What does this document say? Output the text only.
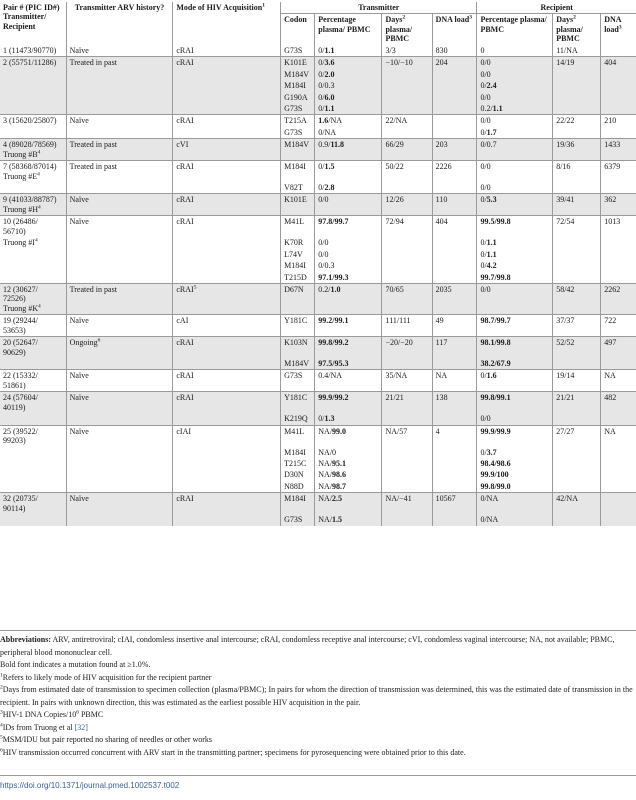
Pair # (PIC ID#) Transmitter/ Recipient	Transmitter ARV history?	Mode of HIV Acquisition$^1$	Transmitter				Recipient		
			Codon	Percentage plasma/ PBMC	Days$^2$ plasma/ PBMC	DNA load$^3$	Percentage plasma/ PBMC	Days$^2$ plasma/ PBMC	DNA load$^3$
1 (11473/90770)	Naïve	cRAI	G73S	0/1.1	3/3	830	0	11/NA	
2 (55751/11286)	Treated in past	cRAI	K101E	0/3.6	−10/−10	204	0/0	14/19	404
			M184V	0/2.0			0/0		
			M184I	0/0.3			0/2.4		
			G190A	0/6.0			0/0		
			G73S	0/1.1			0.2/1.1		
3 (15620/25807)	Naïve	cRAI	T215A	1.6/NA	22/NA		0/0	22/22	210
			G73S	0/NA			0/1.7		
4 (89028/78569)
Truong $\#B^4$	Treated in past	cVI	M184V	0.9/11.8	66/29	203	0/0.7	19/36	1433
7 (58368/87014)
Truong $\#E^4$	Treated in past	cRAI	M184I	0/1.5	50/22	2226	0/0	8/16	6379
			V82T	0/2.8			0/0		
9 (41033/88787)
Truong $\#H^4$	Naïve	cRAI	K101E	0/0	12/26	110	0/5.3	39/41	362
10 (26486/
56710)	Naïve	cRAI	M41L	97.8/99.7	72/94	404	99.5/99.8	72/54	1013
Truong $\#I^4$			K70R	0/0			0/1.1		
			L74V	0/0			0/1.1		
			M184I	0/0.3			0/4.2		
			T215D	97.1/99.3			99.7/99.8		
12 (30627/
72526)
Truong $\#K^4$	Treated in past	cRAI$^5$	D67N	0.2/1.0	70/65	2035	0/0	58/42	2262
19 (29244/
53653)	Naïve	cAI	Y181C	99.2/99.1	111/111	49	98.7/99.7	37/37	722
20 (52647/
90629)	Ongoing$^6$	cRAI	K103N	99.8/99.2	−20/−20	117	98.1/99.8	52/52	497
			M184V	97.5/95.3			38.2/67.9		
22 (15332/
51861)	Naïve	cRAI	G73S	0.4/NA	35/NA	NA	0/1.6	19/14	NA
24 (57604/
40119)	Naïve	cRAI	Y181C	99.9/99.2	21/21	138	99.8/99.1	21/21	482
			K219Q	0/1.3			0/0		
25 (39522/
99203)	Naïve	cIAI	M41L	NA/99.0	NA/57	4	99.9/99.9	27/27	NA
			M184I	NA/0			0/3.7		
			T215C	NA/95.1			98.4/98.6		
			D30N	NA/98.6			99.9/100		
			N88D	NA/98.7			99.8/99.0		
32 (20735/
90114)	Naïve	cRAI	M184I	NA/2.5	NA/−41	10567	0/NA	42/NA	
			G73S	NA/1.5			0/NA		

Abbreviations: ARV, antiretroviral; cIAI, condomless insertive anal intercourse; cRAI, condomless receptive anal intercourse; cVI, condomless vaginal intercourse; NA, not available; PBMC, peripheral blood mononuclear cell.

Bold font indicates a mutation found at ≥1.0%.

$^1$Refers to likely mode of HIV acquisition for the recipient partner

$^2$Days from estimated date of transmission to specimen collection (plasma/PBMC); In pairs for whom the direction of transmission was determined, this was the estimated date of transmission in the recipient. In pairs with unknown direction, this was estimated as the earliest possible HIV acquisition in the pair.

$^3$HIV-1 DNA Copies/$10^6$ PBMC

$^4$IDs from Truong et al [32]

$^5$MSM/IDU but pair reported no sharing of needles or other works

$^6$HIV transmission occurred concurrent with ARV start in the transmitting partner; specimens for pyrosequencing were obtained prior to this date.

https://doi.org/10.1371/journal.pmed.1002537.t002
